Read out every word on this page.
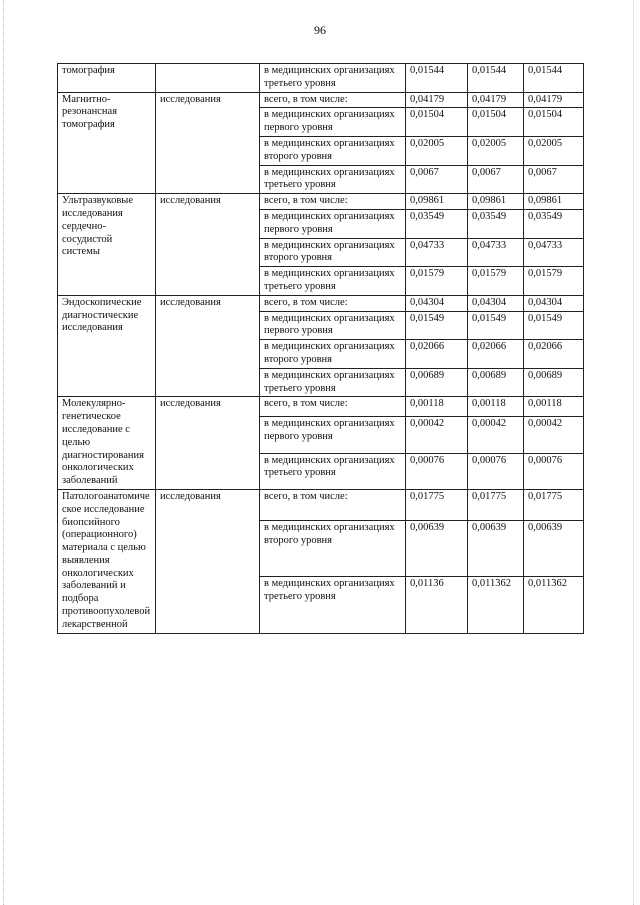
96
томография		в медицинских организациях третьего уровня	0,01544	0,01544	0,01544
Магнитно-резонансная томография	исследования	всего, в том числе:	0,04179	0,04179	0,04179
		в медицинских организациях первого уровня	0,01504	0,01504	0,01504
		в медицинских организациях второго уровня	0,02005	0,02005	0,02005
		в медицинских организациях третьего уровня	0,0067	0,0067	0,0067
Ультразвуковые исследования сердечно-сосудистой системы	исследования	всего, в том числе:	0,09861	0,09861	0,09861
		в медицинских организациях первого уровня	0,03549	0,03549	0,03549
		в медицинских организациях второго уровня	0,04733	0,04733	0,04733
		в медицинских организациях третьего уровня	0,01579	0,01579	0,01579
Эндоскопические диагностические исследования	исследования	всего, в том числе:	0,04304	0,04304	0,04304
		в медицинских организациях первого уровня	0,01549	0,01549	0,01549
		в медицинских организациях второго уровня	0,02066	0,02066	0,02066
		в медицинских организациях третьего уровня	0,00689	0,00689	0,00689
Молекулярно-генетическое исследование с целью диагностирования онкологических заболеваний	исследования	всего, в том числе:	0,00118	0,00118	0,00118
		в медицинских организациях первого уровня	0,00042	0,00042	0,00042
		в медицинских организациях третьего уровня	0,00076	0,00076	0,00076
Патологоанатомическое исследование биопсийного (операционного) материала с целью выявления онкологических заболеваний и подбора противоопухолевой лекарственной	исследования	всего, в том числе:	0,01775	0,01775	0,01775
		в медицинских организациях второго уровня	0,00639	0,00639	0,00639
		в медицинских организациях третьего уровня	0,01136	0,011362	0,011362
